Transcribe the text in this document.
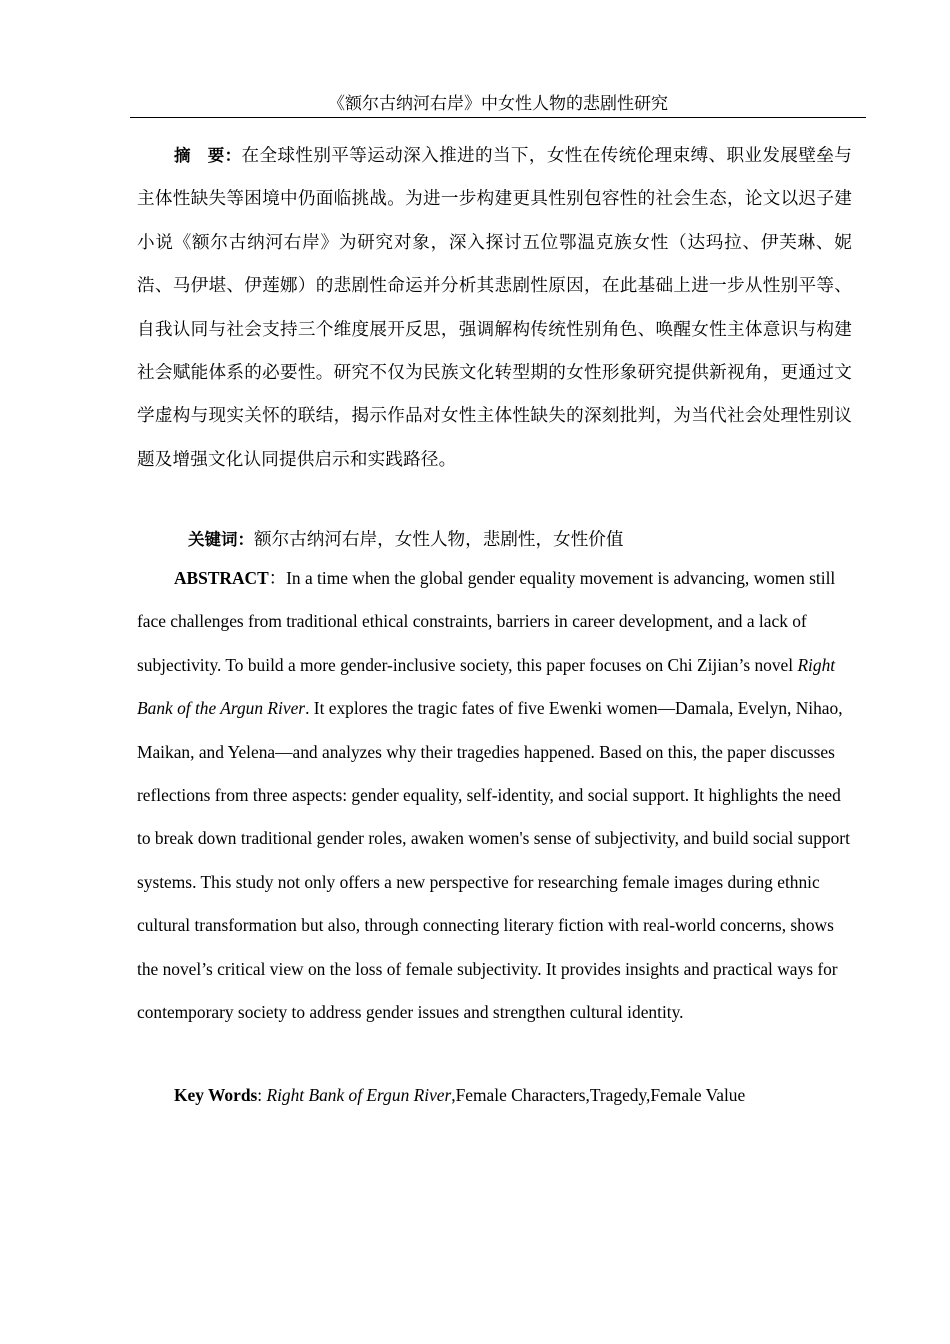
《额尔古纳河右岸》中女性人物的悲剧性研究

摘　要：在全球性别平等运动深入推进的当下，女性在传统伦理束缚、职业发展壁垒与主体性缺失等困境中仍面临挑战。为进一步构建更具性别包容性的社会生态，论文以迟子建小说《额尔古纳河右岸》为研究对象，深入探讨五位鄂温克族女性（达玛拉、伊芙琳、妮浩、马伊堪、伊莲娜）的悲剧性命运并分析其悲剧性原因，在此基础上进一步从性别平等、自我认同与社会支持三个维度展开反思，强调解构传统性别角色、唤醒女性主体意识与构建社会赋能体系的必要性。研究不仅为民族文化转型期的女性形象研究提供新视角，更通过文学虚构与现实关怀的联结，揭示作品对女性主体性缺失的深刻批判，为当代社会处理性别议题及增强文化认同提供启示和实践路径。

关键词：额尔古纳河右岸，女性人物，悲剧性，女性价值

ABSTRACT：In a time when the global gender equality movement is advancing, women still face challenges from traditional ethical constraints, barriers in career development, and a lack of subjectivity. To build a more gender-inclusive society, this paper focuses on Chi Zijian’s novel Right Bank of the Argun River. It explores the tragic fates of five Ewenki women—Damala, Evelyn, Nihao, Maikan, and Yelena—and analyzes why their tragedies happened. Based on this, the paper discusses reflections from three aspects: gender equality, self-identity, and social support. It highlights the need to break down traditional gender roles, awaken women's sense of subjectivity, and build social support systems. This study not only offers a new perspective for researching female images during ethnic cultural transformation but also, through connecting literary fiction with real-world concerns, shows the novel’s critical view on the loss of female subjectivity. It provides insights and practical ways for contemporary society to address gender issues and strengthen cultural identity.

Key Words: Right Bank of Ergun River,Female Characters,Tragedy,Female Value
